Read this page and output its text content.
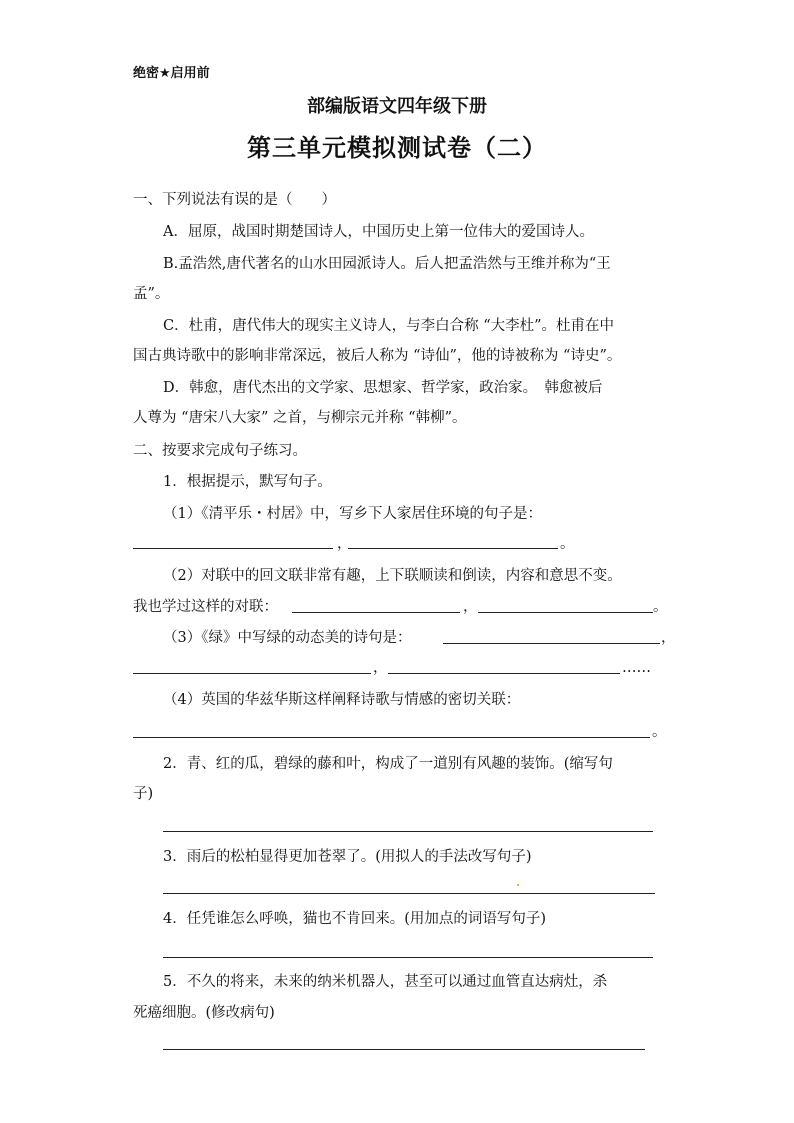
绝密★启用前
部编版语文四年级下册
第三单元模拟测试卷（二）
一、下列说法有误的是（　　）
A．屈原，战国时期楚国诗人，中国历史上第一位伟大的爱国诗人。
B.孟浩然,唐代著名的山水田园派诗人。后人把孟浩然与王维并称为“王
孟”。
C．杜甫，唐代伟大的现实主义诗人，与李白合称 “大李杜”。杜甫在中
国古典诗歌中的影响非常深远，被后人称为 “诗仙”，他的诗被称为 “诗史”。
D．韩愈，唐代杰出的文学家、思想家、哲学家，政治家。　韩愈被后
人尊为 “唐宋八大家” 之首，与柳宗元并称 “韩柳”。
二、按要求完成句子练习。
1．根据提示，默写句子。
（1）《清平乐・村居》中，写乡下人家居住环境的句子是：
，	。
（2）对联中的回文联非常有趣，上下联顺读和倒读，内容和意思不变。
我也学过这样的对联：	，	。
（3）《绿》中写绿的动态美的诗句是：	，
，	……
（4）英国的华兹华斯这样阐释诗歌与情感的密切关联：
。
2．青、红的瓜，碧绿的藤和叶，构成了一道别有风趣的装饰。(缩写句
子)
3．雨后的松柏显得更加苍翠了。(用拟人的手法改写句子)
4．任凭谁怎么呼唤，猫也不肯回来。(用加点的词语写句子)
5．不久的将来，未来的纳米机器人，甚至可以通过血管直达病灶，杀
死癌细胞。(修改病句)
